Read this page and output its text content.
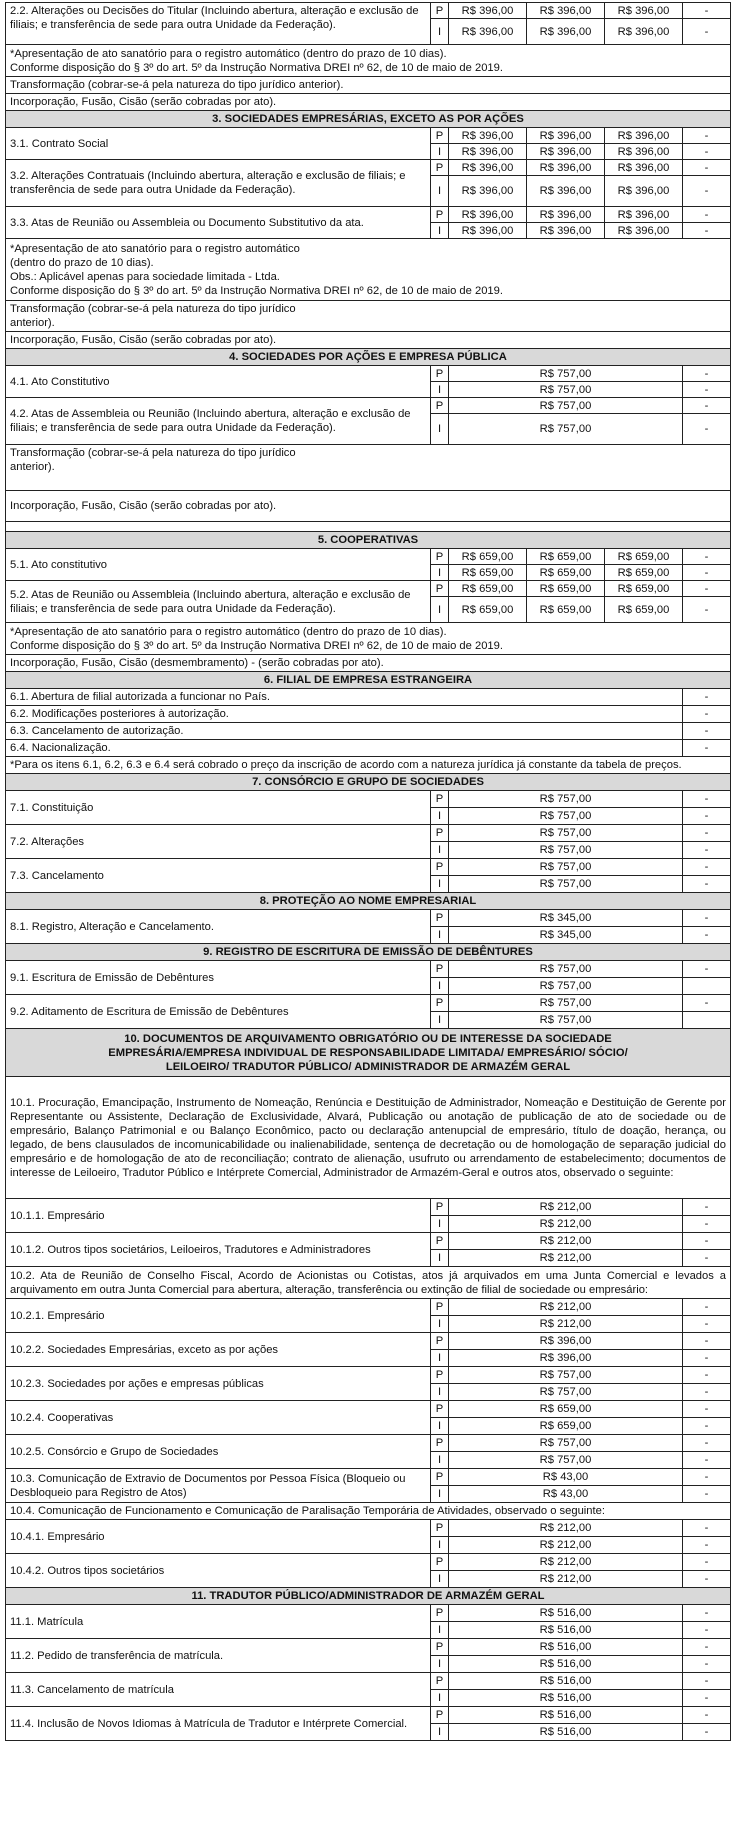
2.2. Alterações ou Decisões do Titular (Incluindo abertura, alteração e exclusão de filiais; e transferência de sede para outra Unidade da Federação).	P	R$ 396,00	R$ 396,00	R$ 396,00	-
	I	R$ 396,00	R$ 396,00	R$ 396,00	-

*Apresentação de ato sanatório para o registro automático (dentro do prazo de 10 dias).
Conforme disposição do § 3º do art. 5º da Instrução Normativa DREI nº 62, de 10 de maio de 2019.					

Transformação (cobrar-se-á pela natureza do tipo jurídico anterior).					

Incorporação, Fusão, Cisão (serão cobradas por ato).					

3. SOCIEDADES EMPRESÁRIAS, EXCETO AS POR AÇÕES					

3.1. Contrato Social	P	R$ 396,00	R$ 396,00	R$ 396,00	-
	I	R$ 396,00	R$ 396,00	R$ 396,00	-
3.2. Alterações Contratuais (Incluindo abertura, alteração e exclusão de filiais; e transferência de sede para outra Unidade da Federação).	P	R$ 396,00	R$ 396,00	R$ 396,00	-
	I	R$ 396,00	R$ 396,00	R$ 396,00	-
3.3. Atas de Reunião ou Assembleia ou Documento Substitutivo da ata.	P	R$ 396,00	R$ 396,00	R$ 396,00	-
	I	R$ 396,00	R$ 396,00	R$ 396,00	-

*Apresentação de ato sanatório para o registro automático
(dentro do prazo de 10 dias).
Obs.: Aplicável apenas para sociedade limitada - Ltda.
Conforme disposição do § 3º do art. 5º da Instrução Normativa DREI nº 62, de 10 de maio de 2019.					

Transformação (cobrar-se-á pela natureza do tipo jurídico
anterior).					

Incorporação, Fusão, Cisão (serão cobradas por ato).					

4. SOCIEDADES POR AÇÕES E EMPRESA PÚBLICA					

4.1. Ato Constitutivo	P	R$ 757,00			-
	I	R$ 757,00			-
4.2. Atas de Assembleia ou Reunião (Incluindo abertura, alteração e exclusão de filiais; e transferência de sede para outra Unidade da Federação).	P	R$ 757,00			-
	I	R$ 757,00			-

Transformação (cobrar-se-á pela natureza do tipo jurídico
anterior).					

Incorporação, Fusão, Cisão (serão cobradas por ato).					

5. COOPERATIVAS					

5.1. Ato constitutivo	P	R$ 659,00	R$ 659,00	R$ 659,00	-
	I	R$ 659,00	R$ 659,00	R$ 659,00	-
5.2. Atas de Reunião ou Assembleia (Incluindo abertura, alteração e exclusão de filiais; e transferência de sede para outra Unidade da Federação).	P	R$ 659,00	R$ 659,00	R$ 659,00	-
	I	R$ 659,00	R$ 659,00	R$ 659,00	-

*Apresentação de ato sanatório para o registro automático (dentro do prazo de 10 dias).
Conforme disposição do § 3º do art. 5º da Instrução Normativa DREI nº 62, de 10 de maio de 2019.					

Incorporação, Fusão, Cisão (desmembramento) - (serão cobradas por ato).					

6. FILIAL DE EMPRESA ESTRANGEIRA					

6.1. Abertura de filial autorizada a funcionar no País.					-
6.2. Modificações posteriores à autorização.					-
6.3. Cancelamento de autorização.					-
6.4. Nacionalização.					-

*Para os itens 6.1, 6.2, 6.3 e 6.4 será cobrado o preço da inscrição de acordo com a natureza jurídica já constante da tabela de preços.					

7. CONSÓRCIO E GRUPO DE SOCIEDADES					

7.1. Constituição	P	R$ 757,00			-
	I	R$ 757,00			-
7.2. Alterações	P	R$ 757,00			-
	I	R$ 757,00			-
7.3. Cancelamento	P	R$ 757,00			-
	I	R$ 757,00			-

8. PROTEÇÃO AO NOME EMPRESARIAL					

8.1. Registro, Alteração e Cancelamento.	P	R$ 345,00			-
	I	R$ 345,00			-

9. REGISTRO DE ESCRITURA DE EMISSÃO DE DEBÊNTURES					

9.1. Escritura de Emissão de Debêntures	P	R$ 757,00			-
	I	R$ 757,00			
9.2. Aditamento de Escritura de Emissão de Debêntures	P	R$ 757,00			-
	I	R$ 757,00			

10. DOCUMENTOS DE ARQUIVAMENTO OBRIGATÓRIO OU DE INTERESSE DA SOCIEDADE
EMPRESÁRIA/EMPRESA INDIVIDUAL DE RESPONSABILIDADE LIMITADA/ EMPRESÁRIO/ SÓCIO/
LEILOEIRO/ TRADUTOR PÚBLICO/ ADMINISTRADOR DE ARMAZÉM GERAL					

10.1. Procuração, Emancipação, Instrumento de Nomeação, Renúncia e Destituição de Administrador, Nomeação e Destituição de Gerente por Representante ou Assistente, Declaração de Exclusividade, Alvará, Publicação ou anotação de publicação de ato de sociedade ou de empresário, Balanço Patrimonial e ou Balanço Econômico, pacto ou declaração antenupcial de empresário, título de doação, herança, ou legado, de bens clausulados de incomunicabilidade ou inalienabilidade, sentença de decretação ou de homologação de separação judicial do empresário e de homologação de ato de reconciliação; contrato de alienação, usufruto ou arrendamento de estabelecimento; documentos de interesse de Leiloeiro, Tradutor Público e Intérprete Comercial, Administrador de Armazém-Geral e outros atos, observado o seguinte:					
10.1.1. Empresário	P	R$ 212,00			-
	I	R$ 212,00			-
10.1.2. Outros tipos societários, Leiloeiros, Tradutores e Administradores	P	R$ 212,00			-
	I	R$ 212,00			-
10.2. Ata de Reunião de Conselho Fiscal, Acordo de Acionistas ou Cotistas, atos já arquivados em uma Junta Comercial e levados a arquivamento em outra Junta Comercial para abertura, alteração, transferência ou extinção de filial de sociedade ou empresário:					
10.2.1. Empresário	P	R$ 212,00			-
	I	R$ 212,00			-
10.2.2. Sociedades Empresárias, exceto as por ações	P	R$ 396,00			-
	I	R$ 396,00			-
10.2.3. Sociedades por ações e empresas públicas	P	R$ 757,00			-
	I	R$ 757,00			-
10.2.4. Cooperativas	P	R$ 659,00			-
	I	R$ 659,00			-
10.2.5. Consórcio e Grupo de Sociedades	P	R$ 757,00			-
	I	R$ 757,00			-
10.3. Comunicação de Extravio de Documentos por Pessoa Física (Bloqueio ou Desbloqueio para Registro de Atos)	P	R$ 43,00			-
	I	R$ 43,00			-
10.4. Comunicação de Funcionamento e Comunicação de Paralisação Temporária de Atividades, observado o seguinte:					
10.4.1. Empresário	P	R$ 212,00			-
	I	R$ 212,00			-
10.4.2. Outros tipos societários	P	R$ 212,00			-
	I	R$ 212,00			-

11. TRADUTOR PÚBLICO/ADMINISTRADOR DE ARMAZÉM GERAL					

11.1. Matrícula	P	R$ 516,00			-
	I	R$ 516,00			-
11.2. Pedido de transferência de matrícula.	P	R$ 516,00			-
	I	R$ 516,00			-
11.3. Cancelamento de matrícula	P	R$ 516,00			-
	I	R$ 516,00			-
11.4. Inclusão de Novos Idiomas à Matrícula de Tradutor e Intérprete Comercial.	P	R$ 516,00			-
	I	R$ 516,00			-
